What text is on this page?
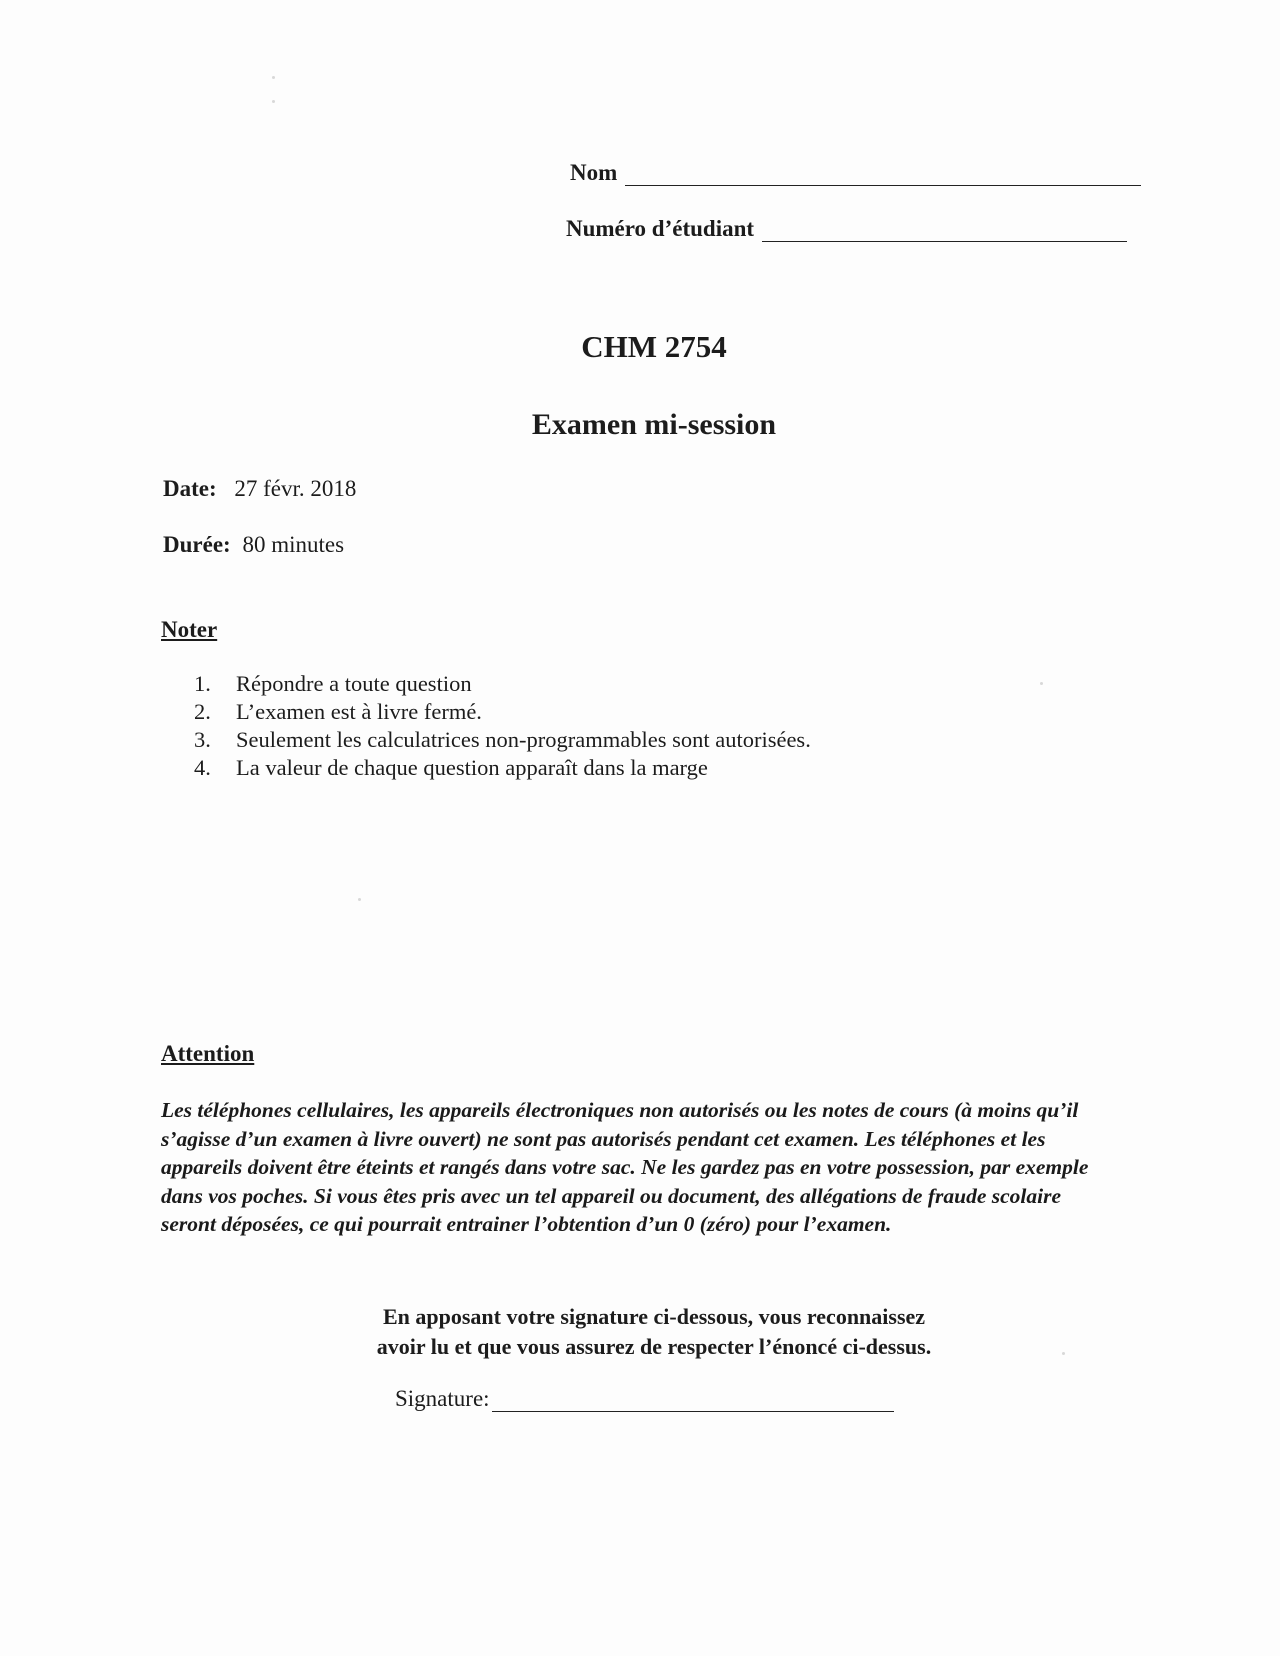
Nom
Numéro d’étudiant
CHM 2754
Examen mi-session
Date: 27 févr. 2018
Durée: 80 minutes
Noter
1.	Répondre a toute question
2.	L’examen est à livre fermé.
3.	Seulement les calculatrices non-programmables sont autorisées.
4.	La valeur de chaque question apparaît dans la marge
Attention
Les téléphones cellulaires, les appareils électroniques non autorisés ou les notes de cours (à moins qu’il s’agisse d’un examen à livre ouvert) ne sont pas autorisés pendant cet examen. Les téléphones et les appareils doivent être éteints et rangés dans votre sac. Ne les gardez pas en votre possession, par exemple dans vos poches. Si vous êtes pris avec un tel appareil ou document, des allégations de fraude scolaire seront déposées, ce qui pourrait entrainer l’obtention d’un 0 (zéro) pour l’examen.
En apposant votre signature ci-dessous, vous reconnaissez
avoir lu et que vous assurez de respecter l’énoncé ci-dessus.
Signature:
